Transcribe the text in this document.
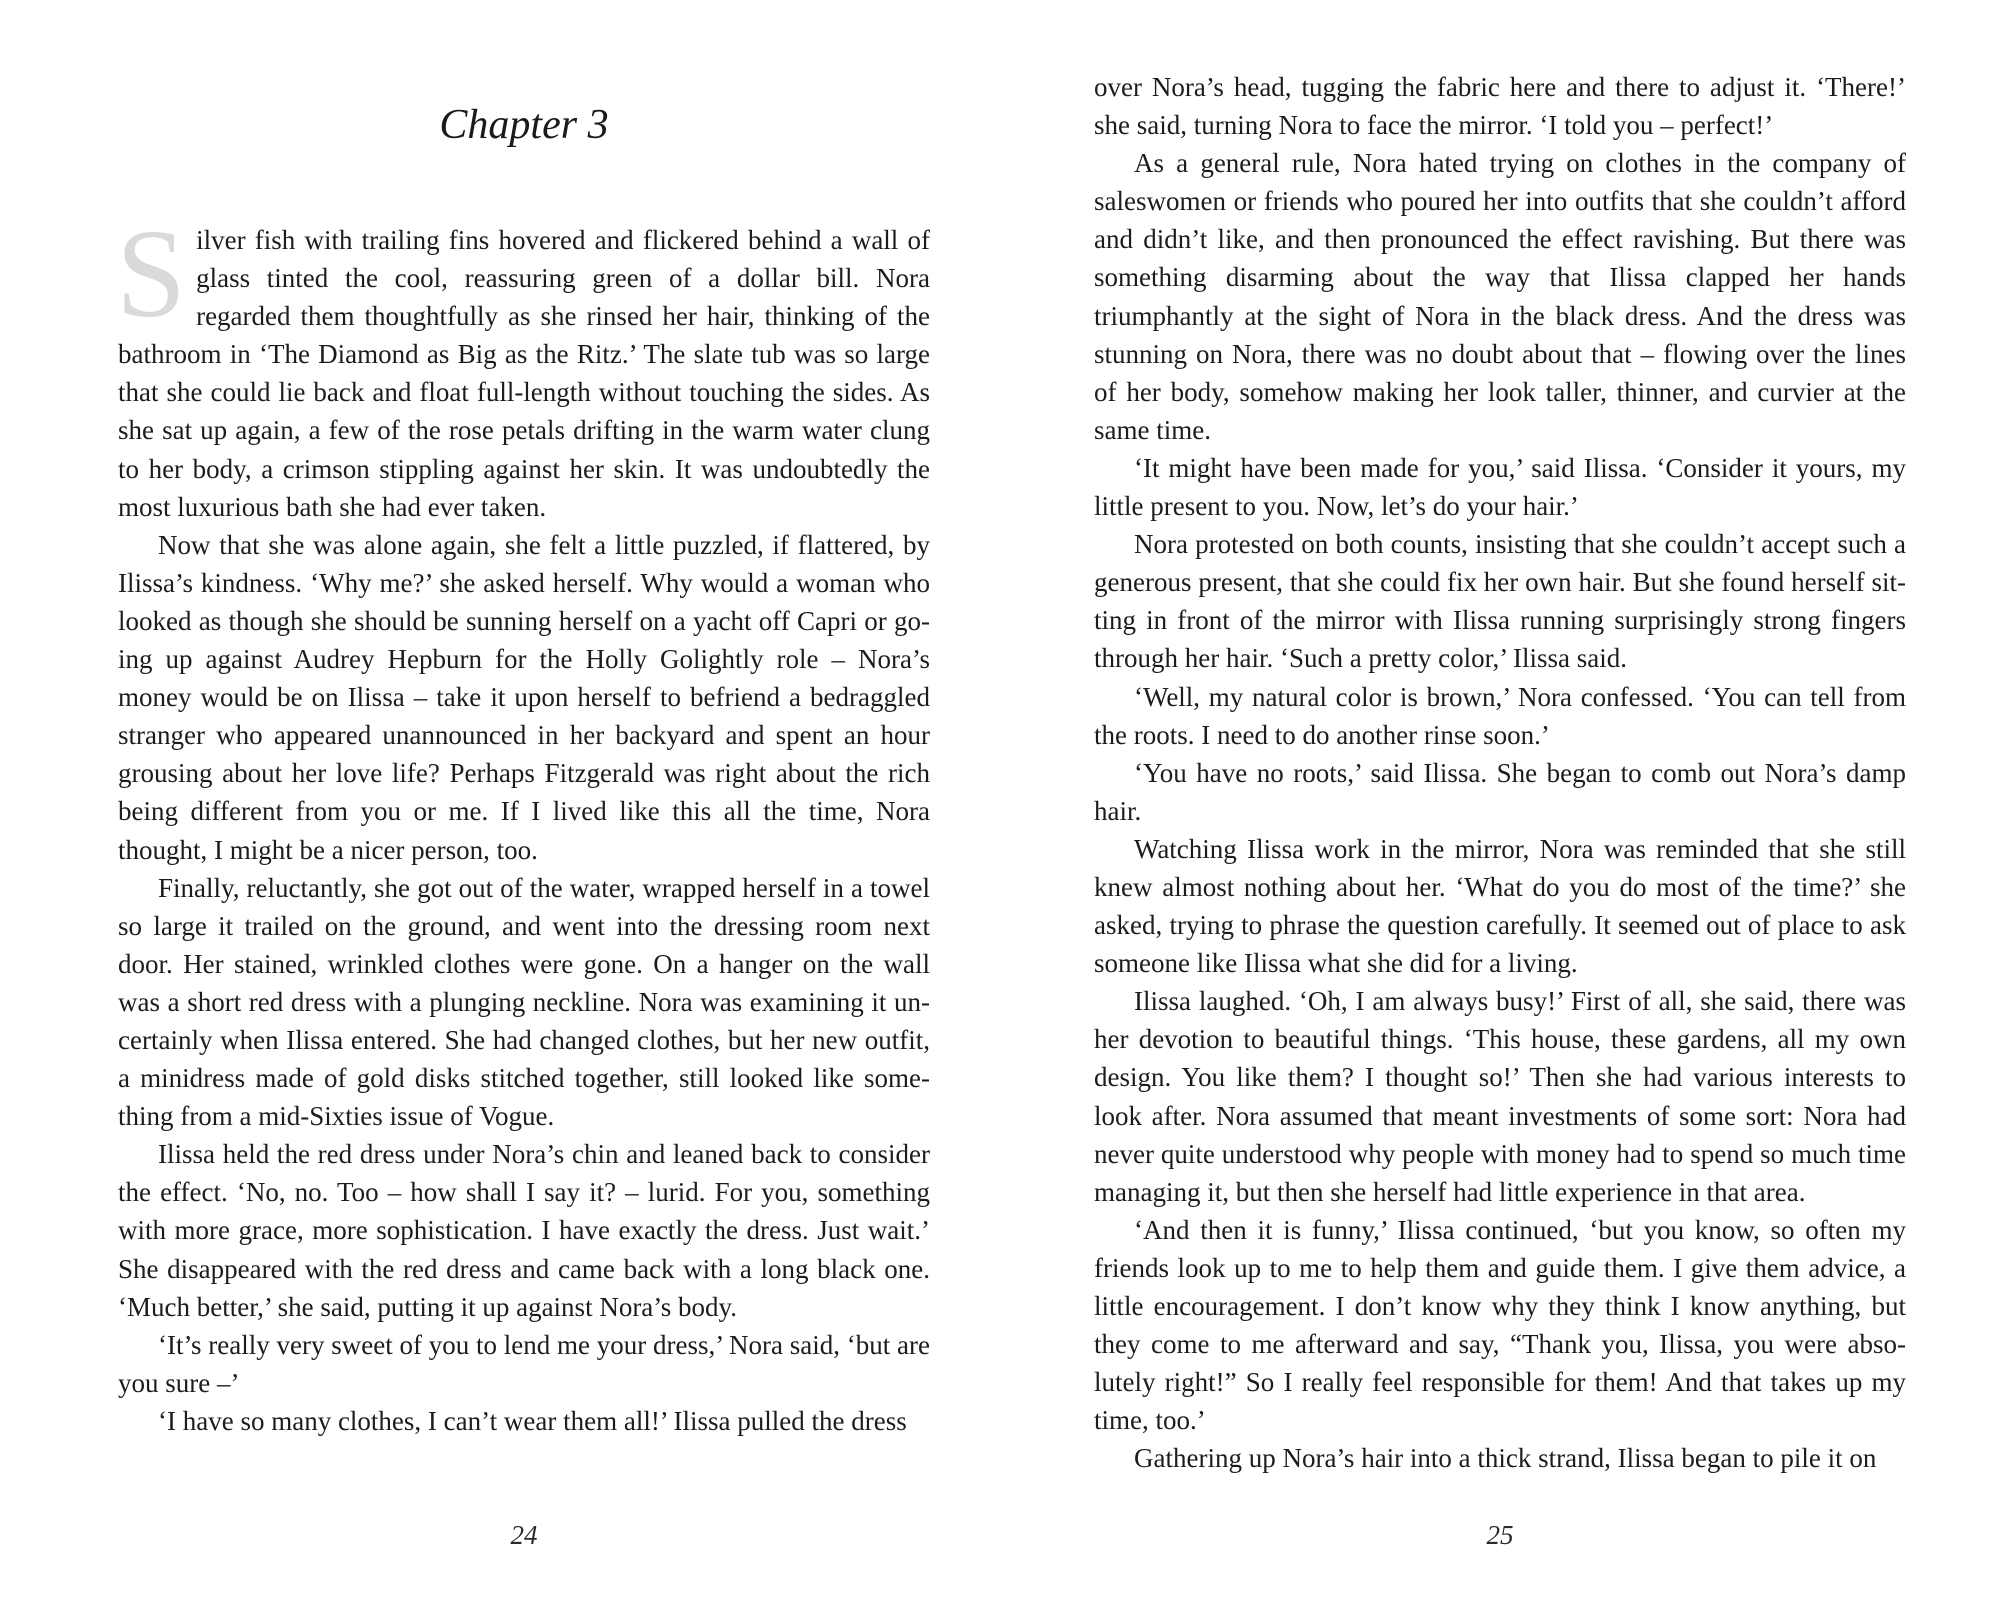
Chapter 3

Silver fish with trailing fins hovered and flickered behind a wall of glass tinted the cool, reassuring green of a dollar bill. Nora regarded them thoughtfully as she rinsed her hair, thinking of the bathroom in ‘The Diamond as Big as the Ritz.’ The slate tub was so large that she could lie back and float full-length without touching the sides. As she sat up again, a few of the rose petals drifting in the warm water clung to her body, a crimson stippling against her skin. It was undoubtedly the most luxurious bath she had ever taken.

Now that she was alone again, she felt a little puzzled, if flattered, by Ilissa’s kindness. ‘Why me?’ she asked herself. Why would a woman who looked as though she should be sunning herself on a yacht off Capri or going up against Audrey Hepburn for the Holly Golightly role – Nora’s money would be on Ilissa – take it upon herself to befriend a bedraggled stranger who appeared unannounced in her backyard and spent an hour grousing about her love life? Perhaps Fitzgerald was right about the rich being different from you or me. If I lived like this all the time, Nora thought, I might be a nicer person, too.

Finally, reluctantly, she got out of the water, wrapped herself in a towel so large it trailed on the ground, and went into the dressing room next door. Her stained, wrinkled clothes were gone. On a hanger on the wall was a short red dress with a plunging neckline. Nora was examining it uncertainly when Ilissa entered. She had changed clothes, but her new outfit, a minidress made of gold disks stitched together, still looked like something from a mid-Sixties issue of Vogue.

Ilissa held the red dress under Nora’s chin and leaned back to consider the effect. ‘No, no. Too – how shall I say it? – lurid. For you, something with more grace, more sophistication. I have exactly the dress. Just wait.’ She disappeared with the red dress and came back with a long black one. ‘Much better,’ she said, putting it up against Nora’s body.

‘It’s really very sweet of you to lend me your dress,’ Nora said, ‘but are you sure –’

‘I have so many clothes, I can’t wear them all!’ Ilissa pulled the dress

24

over Nora’s head, tugging the fabric here and there to adjust it. ‘There!’ she said, turning Nora to face the mirror. ‘I told you – perfect!’

As a general rule, Nora hated trying on clothes in the company of saleswomen or friends who poured her into outfits that she couldn’t afford and didn’t like, and then pronounced the effect ravishing. But there was something disarming about the way that Ilissa clapped her hands triumphantly at the sight of Nora in the black dress. And the dress was stunning on Nora, there was no doubt about that – flowing over the lines of her body, somehow making her look taller, thinner, and curvier at the same time.

‘It might have been made for you,’ said Ilissa. ‘Consider it yours, my little present to you. Now, let’s do your hair.’

Nora protested on both counts, insisting that she couldn’t accept such a generous present, that she could fix her own hair. But she found herself sitting in front of the mirror with Ilissa running surprisingly strong fingers through her hair. ‘Such a pretty color,’ Ilissa said.

‘Well, my natural color is brown,’ Nora confessed. ‘You can tell from the roots. I need to do another rinse soon.’

‘You have no roots,’ said Ilissa. She began to comb out Nora’s damp hair.

Watching Ilissa work in the mirror, Nora was reminded that she still knew almost nothing about her. ‘What do you do most of the time?’ she asked, trying to phrase the question carefully. It seemed out of place to ask someone like Ilissa what she did for a living.

Ilissa laughed. ‘Oh, I am always busy!’ First of all, she said, there was her devotion to beautiful things. ‘This house, these gardens, all my own design. You like them? I thought so!’ Then she had various interests to look after. Nora assumed that meant investments of some sort: Nora had never quite understood why people with money had to spend so much time managing it, but then she herself had little experience in that area.

‘And then it is funny,’ Ilissa continued, ‘but you know, so often my friends look up to me to help them and guide them. I give them advice, a little encouragement. I don’t know why they think I know anything, but they come to me afterward and say, “Thank you, Ilissa, you were absolutely right!” So I really feel responsible for them! And that takes up my time, too.’

Gathering up Nora’s hair into a thick strand, Ilissa began to pile it on

25
